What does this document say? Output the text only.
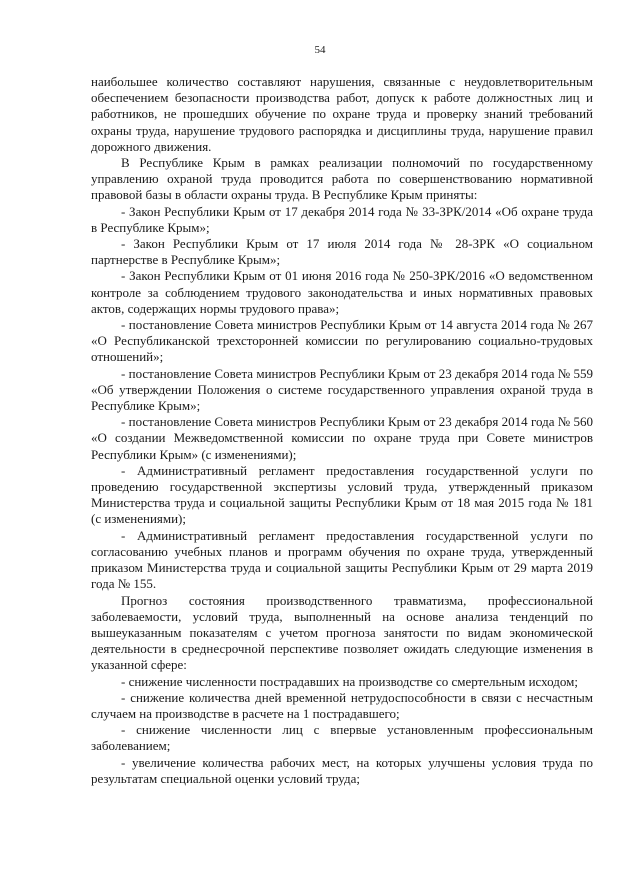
54

наибольшее количество составляют нарушения, связанные с неудовлетворительным обеспечением безопасности производства работ, допуск к работе должностных лиц и работников, не прошедших обучение по охране труда и проверку знаний требований охраны труда, нарушение трудового распорядка и дисциплины труда, нарушение правил дорожного движения.

В Республике Крым в рамках реализации полномочий по государственному управлению охраной труда проводится работа по совершенствованию нормативной правовой базы в области охраны труда. В Республике Крым приняты:

- Закон Республики Крым от 17 декабря 2014 года № 33-ЗРК/2014 «Об охране труда в Республике Крым»;

- Закон Республики Крым от 17 июля 2014 года № 28-ЗРК «О социальном партнерстве в Республике Крым»;

- Закон Республики Крым от 01 июня 2016 года № 250-ЗРК/2016 «О ведомственном контроле за соблюдением трудового законодательства и иных нормативных правовых актов, содержащих нормы трудового права»;

- постановление Совета министров Республики Крым от 14 августа 2014 года № 267 «О Республиканской трехсторонней комиссии по регулированию социально-трудовых отношений»;

- постановление Совета министров Республики Крым от 23 декабря 2014 года № 559 «Об утверждении Положения о системе государственного управления охраной труда в Республике Крым»;

- постановление Совета министров Республики Крым от 23 декабря 2014 года № 560 «О создании Межведомственной комиссии по охране труда при Совете министров Республики Крым» (с изменениями);

- Административный регламент предоставления государственной услуги по проведению государственной экспертизы условий труда, утвержденный приказом Министерства труда и социальной защиты Республики Крым от 18 мая 2015 года № 181 (с изменениями);

- Административный регламент предоставления государственной услуги по согласованию учебных планов и программ обучения по охране труда, утвержденный приказом Министерства труда и социальной защиты Республики Крым от 29 марта 2019 года № 155.

Прогноз состояния производственного травматизма, профессиональной заболеваемости, условий труда, выполненный на основе анализа тенденций по вышеуказанным показателям с учетом прогноза занятости по видам экономической деятельности в среднесрочной перспективе позволяет ожидать следующие изменения в указанной сфере:

- снижение численности пострадавших на производстве со смертельным исходом;

- снижение количества дней временной нетрудоспособности в связи с несчастным случаем на производстве в расчете на 1 пострадавшего;

- снижение численности лиц с впервые установленным профессиональным заболеванием;

- увеличение количества рабочих мест, на которых улучшены условия труда по результатам специальной оценки условий труда;
